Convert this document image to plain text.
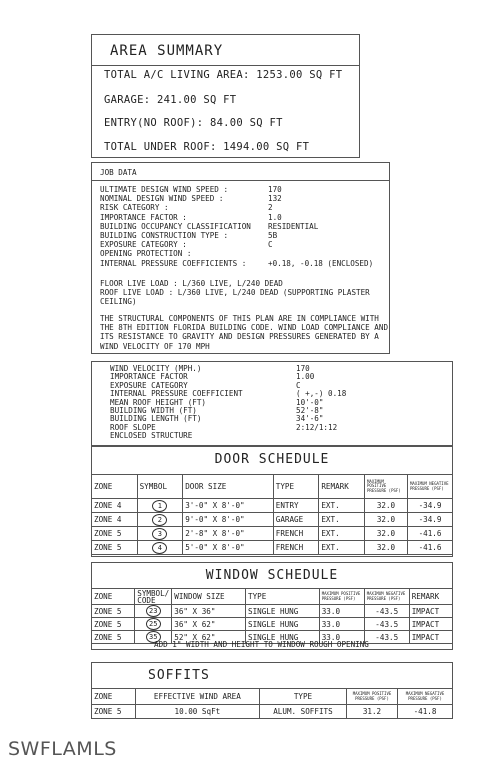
AREA SUMMARY
TOTAL A/C LIVING AREA: 1253.00 SQ FT
GARAGE: 241.00 SQ FT
ENTRY(NO ROOF): 84.00 SQ FT
TOTAL UNDER ROOF: 1494.00 SQ FT
JOB DATA
ULTIMATE DESIGN WIND SPEED :	170
NOMINAL DESIGN WIND SPEED :	132
RISK CATEGORY :	2
IMPORTANCE FACTOR :	1.0
BUILDING OCCUPANCY CLASSIFICATION	RESIDENTIAL
BUILDING CONSTRUCTION TYPE :	5B
EXPOSURE CATEGORY :	C
OPENING PROTECTION :
INTERNAL PRESSURE COEFFICIENTS :	+0.18, -0.18 (ENCLOSED)
FLOOR LIVE LOAD : L/360 LIVE, L/240 DEAD
ROOF LIVE LOAD : L/360 LIVE, L/240 DEAD (SUPPORTING PLASTER CEILING)
THE STRUCTURAL COMPONENTS OF THIS PLAN ARE IN COMPLIANCE WITH THE 8TH EDITION FLORIDA BUILDING CODE. WIND LOAD COMPLIANCE AND ITS RESISTANCE TO GRAVITY AND DESIGN PRESSURES GENERATED BY A WIND VELOCITY OF 170 MPH
WIND VELOCITY (MPH.)	170
IMPORTANCE FACTOR	1.00
EXPOSURE CATEGORY	C
INTERNAL PRESSURE COEFFICIENT	( +,-) 0.18
MEAN ROOF HEIGHT (FT)	10'-0"
BUILDING WIDTH (FT)	52'-8"
BUILDING LENGTH (FT)	34'-6"
ROOF SLOPE	2:12/1:12
ENCLOSED STRUCTURE
DOOR SCHEDULE
ZONE	SYMBOL	DOOR SIZE	TYPE	REMARK	MAXIMUM POSITIVE PRESSURE (PSF)	MAXIMUM NEGATIVE PRESSURE (PSF)
ZONE 4	1	3'-0" X 8'-0"	ENTRY	EXT.	32.0	-34.9
ZONE 4	2	9'-0" X 8'-0"	GARAGE	EXT.	32.0	-34.9
ZONE 5	3	2'-8" X 8'-0"	FRENCH	EXT.	32.0	-41.6
ZONE 5	4	5'-0" X 8'-0"	FRENCH	EXT.	32.0	-41.6
WINDOW SCHEDULE
ZONE	SYMBOL/ CODE	WINDOW SIZE	TYPE	MAXIMUM POSITIVE PRESSURE (PSF)	MAXIMUM NEGATIVE PRESSURE (PSF)	REMARK
ZONE 5	23	36" X 36"	SINGLE HUNG	33.0	-43.5	IMPACT
ZONE 5	25	36" X 62"	SINGLE HUNG	33.0	-43.5	IMPACT
ZONE 5	35	52" X 62"	SINGLE HUNG	33.0	-43.5	IMPACT
ADD 1" WIDTH AND HEIGHT TO WINDOW ROUGH OPENING
SOFFITS
ZONE	EFFECTIVE WIND AREA	TYPE	MAXIMUM POSITIVE PRESSURE (PSF)	MAXIMUM NEGATIVE PRESSURE (PSF)
ZONE 5	10.00 SqFt	ALUM. SOFFITS	31.2	-41.8
SWFLAMLS
